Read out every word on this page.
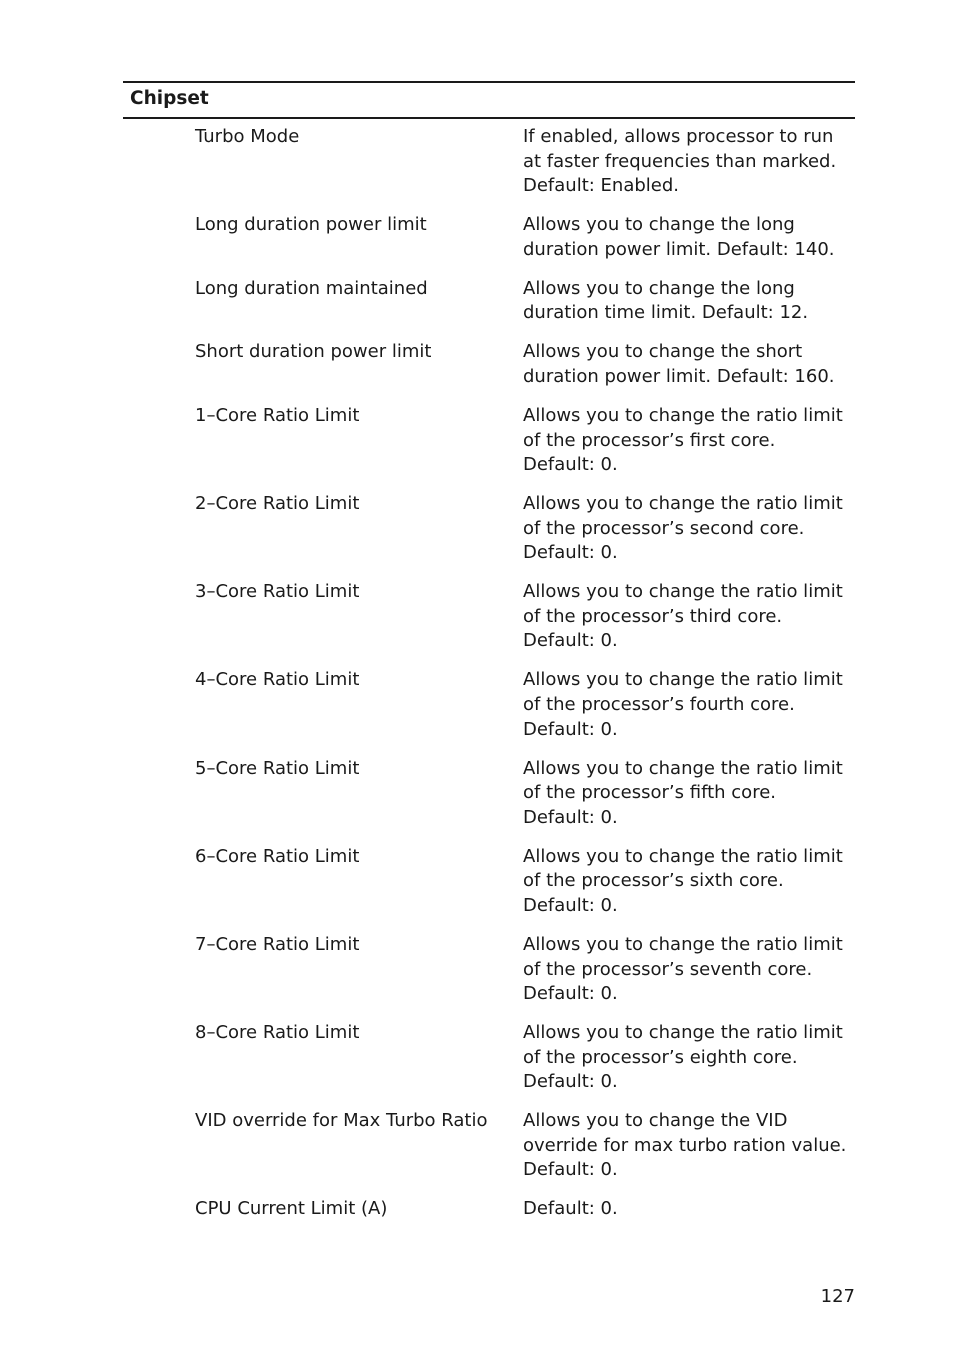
Chipset
Turbo Mode	If enabled, allows processor to run at faster frequencies than marked. Default: Enabled.
Long duration power limit	Allows you to change the long duration power limit. Default: 140.
Long duration maintained	Allows you to change the long duration time limit. Default: 12.
Short duration power limit	Allows you to change the short duration power limit. Default: 160.
1–Core Ratio Limit	Allows you to change the ratio limit of the processor’s first core. Default: 0.
2–Core Ratio Limit	Allows you to change the ratio limit of the processor’s second core. Default: 0.
3–Core Ratio Limit	Allows you to change the ratio limit of the processor’s third core. Default: 0.
4–Core Ratio Limit	Allows you to change the ratio limit of the processor’s fourth core. Default: 0.
5–Core Ratio Limit	Allows you to change the ratio limit of the processor’s fifth core. Default: 0.
6–Core Ratio Limit	Allows you to change the ratio limit of the processor’s sixth core. Default: 0.
7–Core Ratio Limit	Allows you to change the ratio limit of the processor’s seventh core. Default: 0.
8–Core Ratio Limit	Allows you to change the ratio limit of the processor’s eighth core. Default: 0.
VID override for Max Turbo Ratio	Allows you to change the VID override for max turbo ration value. Default: 0.
CPU Current Limit (A)	Default: 0.
127
